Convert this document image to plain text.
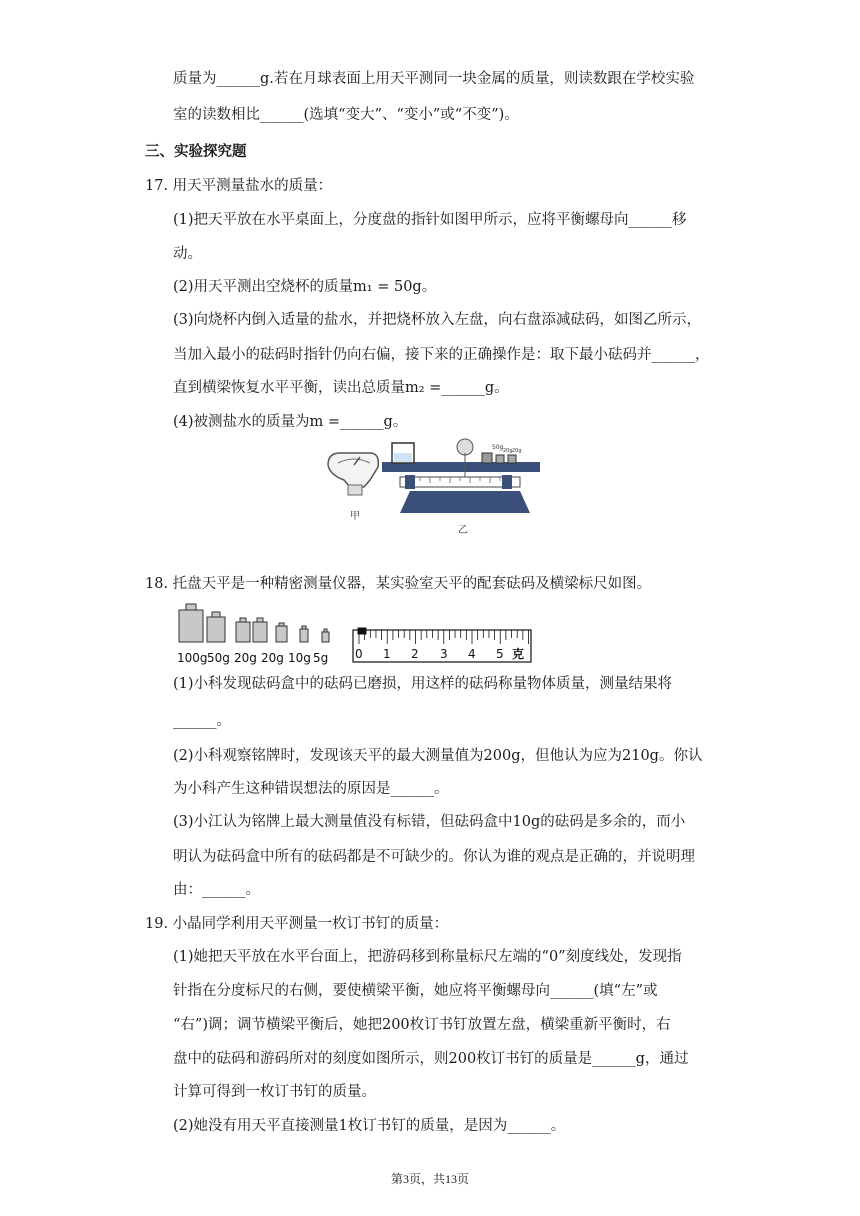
质量为______g.若在月球表面上用天平测同一块金属的质量，则读数跟在学校实验
室的读数相比______(选填“变大”、“变小”或“不变”)。
三、实验探究题
17. 用天平测量盐水的质量：
(1)把天平放在水平桌面上，分度盘的指针如图甲所示，应将平衡螺母向______移
动。
(2)用天平测出空烧杯的质量m₁ = 50g。
(3)向烧杯内倒入适量的盐水，并把烧杯放入左盘，向右盘添减砝码，如图乙所示，
当加入最小的砝码时指针仍向右偏，接下来的正确操作是：取下最小砝码并______，
直到横梁恢复水平平衡，读出总质量m₂ =______g。
(4)被测盐水的质量为m =______g。
50g 20g 20g
甲
乙
18. 托盘天平是一种精密测量仪器，某实验室天平的配套砝码及横梁标尺如图。
100g 50g 20g 20g 10g 5g 0 1 2 3 4 5 克
(1)小科发现砝码盒中的砝码已磨损，用这样的砝码称量物体质量，测量结果将
______。
(2)小科观察铭牌时，发现该天平的最大测量值为200g，但他认为应为210g。你认
为小科产生这种错误想法的原因是______。
(3)小江认为铭牌上最大测量值没有标错，但砝码盒中10g的砝码是多余的，而小
明认为砝码盒中所有的砝码都是不可缺少的。你认为谁的观点是正确的，并说明理
由：______。
19. 小晶同学利用天平测量一枚订书钉的质量：
(1)她把天平放在水平台面上，把游码移到称量标尺左端的“0”刻度线处，发现指
针指在分度标尺的右侧，要使横梁平衡，她应将平衡螺母向______(填“左”或
“右”)调；调节横梁平衡后，她把200枚订书钉放置左盘，横梁重新平衡时，右
盘中的砝码和游码所对的刻度如图所示，则200枚订书钉的质量是______g，通过
计算可得到一枚订书钉的质量。
(2)她没有用天平直接测量1枚订书钉的质量，是因为______。
第3页，共13页
